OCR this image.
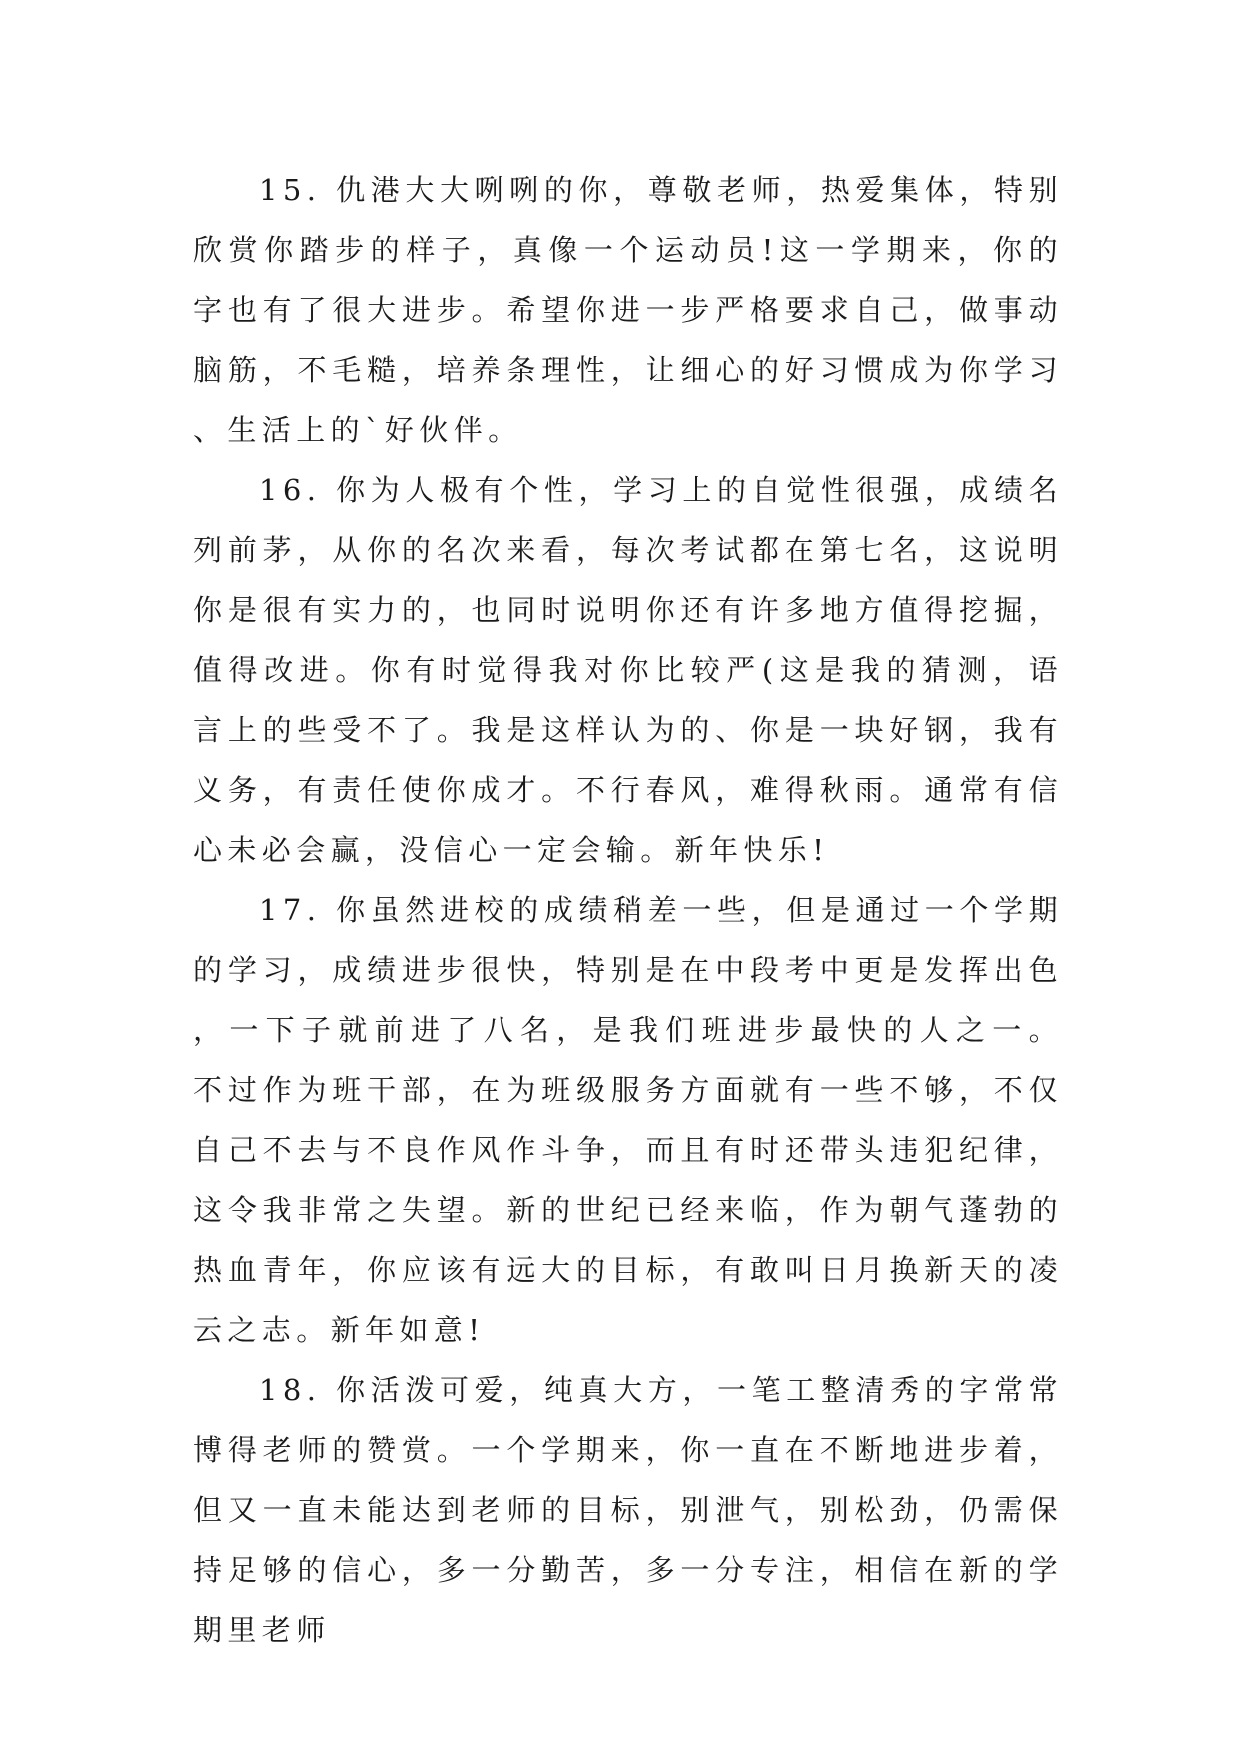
15. 仇港大大咧咧的你，尊敬老师，热爱集体，特别欣赏你踏步的样子，真像一个运动员!这一学期来，你的字也有了很大进步。希望你进一步严格要求自己，做事动脑筋，不毛糙，培养条理性，让细心的好习惯成为你学习、生活上的`好伙伴。

16. 你为人极有个性，学习上的自觉性很强，成绩名列前茅，从你的名次来看，每次考试都在第七名，这说明你是很有实力的，也同时说明你还有许多地方值得挖掘，值得改进。你有时觉得我对你比较严(这是我的猜测，语言上的些受不了。我是这样认为的、你是一块好钢，我有义务，有责任使你成才。不行春风，难得秋雨。通常有信心未必会赢，没信心一定会输。新年快乐!

17. 你虽然进校的成绩稍差一些，但是通过一个学期的学习，成绩进步很快，特别是在中段考中更是发挥出色，一下子就前进了八名，是我们班进步最快的人之一。 不过作为班干部，在为班级服务方面就有一些不够，不仅自己不去与不良作风作斗争，而且有时还带头违犯纪律，这令我非常之失望。新的世纪已经来临，作为朝气蓬勃的热血青年，你应该有远大的目标，有敢叫日月换新天的凌云之志。新年如意!

18. 你活泼可爱，纯真大方，一笔工整清秀的字常常博得老师的赞赏。一个学期来，你一直在不断地进步着，但又一直未能达到老师的目标，别泄气，别松劲，仍需保持足够的信心，多一分勤苦，多一分专注，相信在新的学期里老师
